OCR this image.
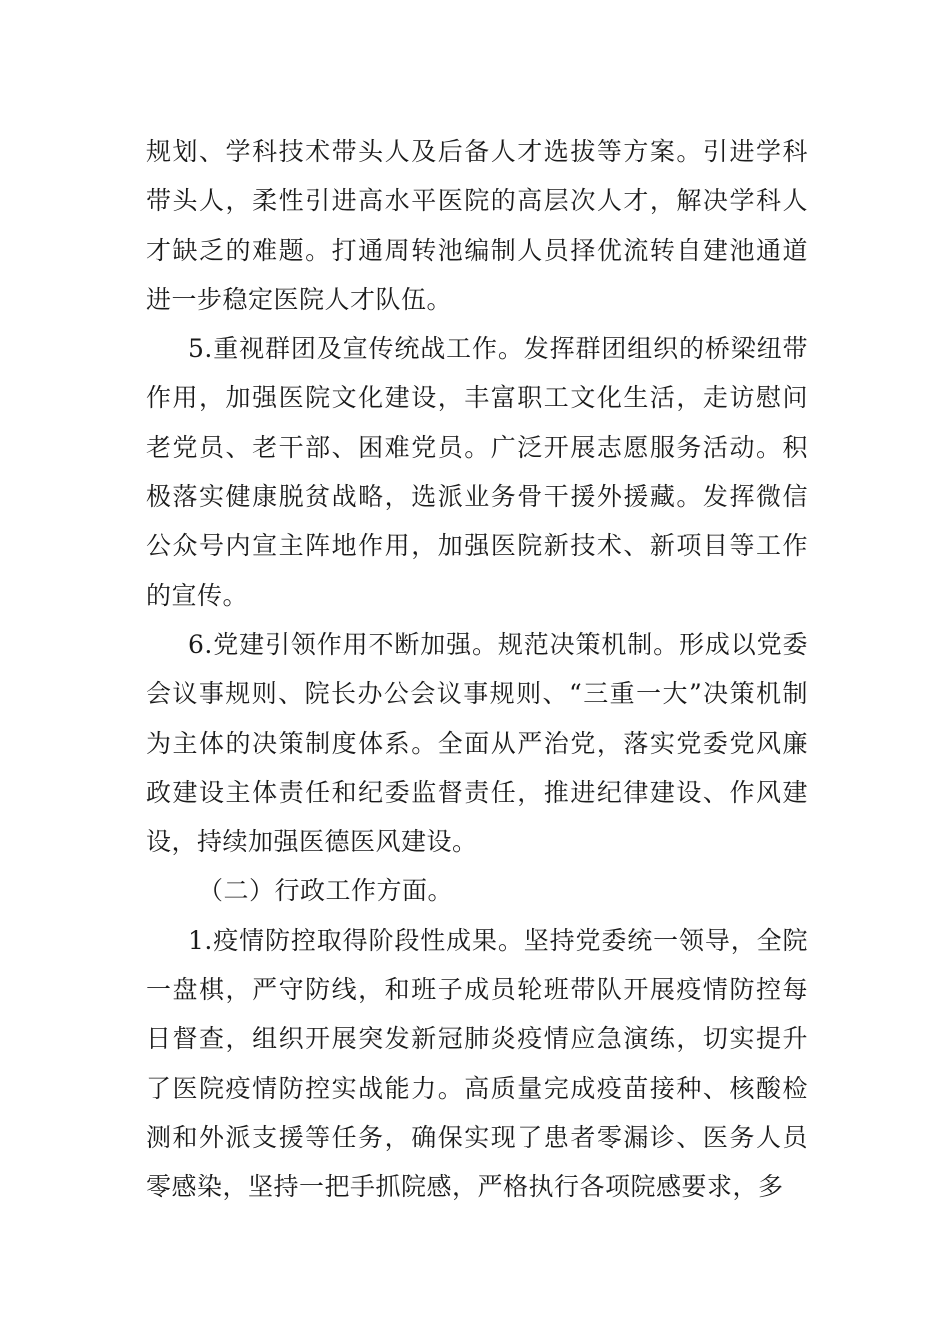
规划、学科技术带头人及后备人才选拔等方案。引进学科带头人，柔性引进高水平医院的高层次人才，解决学科人才缺乏的难题。打通周转池编制人员择优流转自建池通道进一步稳定医院人才队伍。

5.重视群团及宣传统战工作。发挥群团组织的桥梁纽带作用，加强医院文化建设，丰富职工文化生活，走访慰问老党员、老干部、困难党员。广泛开展志愿服务活动。积极落实健康脱贫战略，选派业务骨干援外援藏。发挥微信公众号内宣主阵地作用，加强医院新技术、新项目等工作的宣传。

6.党建引领作用不断加强。规范决策机制。形成以党委会议事规则、院长办公会议事规则、“三重一大”决策机制为主体的决策制度体系。全面从严治党，落实党委党风廉政建设主体责任和纪委监督责任，推进纪律建设、作风建设，持续加强医德医风建设。

（二）行政工作方面。

1.疫情防控取得阶段性成果。坚持党委统一领导，全院一盘棋，严守防线，和班子成员轮班带队开展疫情防控每日督查，组织开展突发新冠肺炎疫情应急演练，切实提升了医院疫情防控实战能力。高质量完成疫苗接种、核酸检测和外派支援等任务，确保实现了患者零漏诊、医务人员零感染，坚持一把手抓院感，严格执行各项院感要求，多
